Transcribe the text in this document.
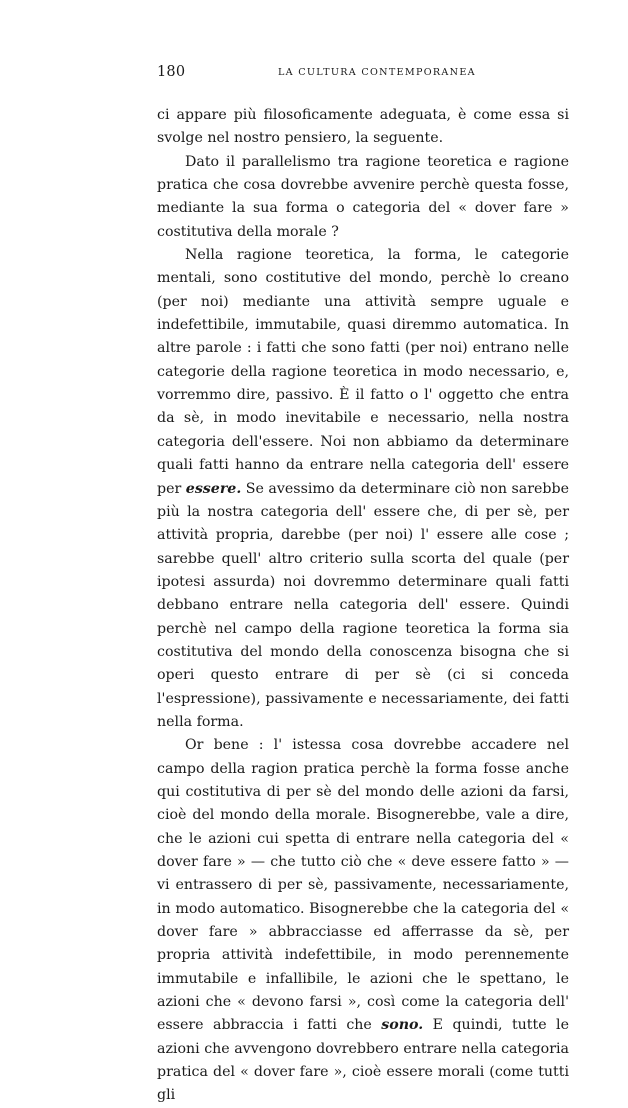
180	LA CULTURA CONTEMPORANEA

ci appare più filosoficamente adeguata, è come essa si svolge nel nostro pensiero, la seguente.

Dato il parallelismo tra ragione teoretica e ragione pratica che cosa dovrebbe avvenire perchè questa fosse, mediante la sua forma o categoria del « dover fare » costitutiva della morale ?

Nella ragione teoretica, la forma, le categorie mentali, sono costitutive del mondo, perchè lo creano (per noi) mediante una attività sempre uguale e indefettibile, immutabile, quasi diremmo automatica. In altre parole : i fatti che sono fatti (per noi) entrano nelle categorie della ragione teoretica in modo necessario, e, vorremmo dire, passivo. È il fatto o l' oggetto che entra da sè, in modo inevitabile e necessario, nella nostra categoria dell'essere. Noi non abbiamo da determinare quali fatti hanno da entrare nella categoria dell' essere per essere. Se avessimo da determinare ciò non sarebbe più la nostra categoria dell' essere che, di per sè, per attività propria, darebbe (per noi) l' essere alle cose ; sarebbe quell' altro criterio sulla scorta del quale (per ipotesi assurda) noi dovremmo determinare quali fatti debbano entrare nella categoria dell' essere. Quindi perchè nel campo della ragione teoretica la forma sia costitutiva del mondo della conoscenza bisogna che si operi questo entrare di per sè (ci si conceda l'espressione), passivamente e necessariamente, dei fatti nella forma.

Or bene : l' istessa cosa dovrebbe accadere nel campo della ragion pratica perchè la forma fosse anche qui costitutiva di per sè del mondo delle azioni da farsi, cioè del mondo della morale. Bisognerebbe, vale a dire, che le azioni cui spetta di entrare nella categoria del « dover fare » — che tutto ciò che « deve essere fatto » — vi entrassero di per sè, passivamente, necessariamente, in modo automatico. Bisognerebbe che la categoria del « dover fare » abbracciasse ed afferrasse da sè, per propria attività indefettibile, in modo perennemente immutabile e infallibile, le azioni che le spettano, le azioni che « devono farsi », così come la categoria dell' essere abbraccia i fatti che sono. E quindi, tutte le azioni che avvengono dovrebbero entrare nella categoria pratica del « dover fare », cioè essere morali (come tutti gli
